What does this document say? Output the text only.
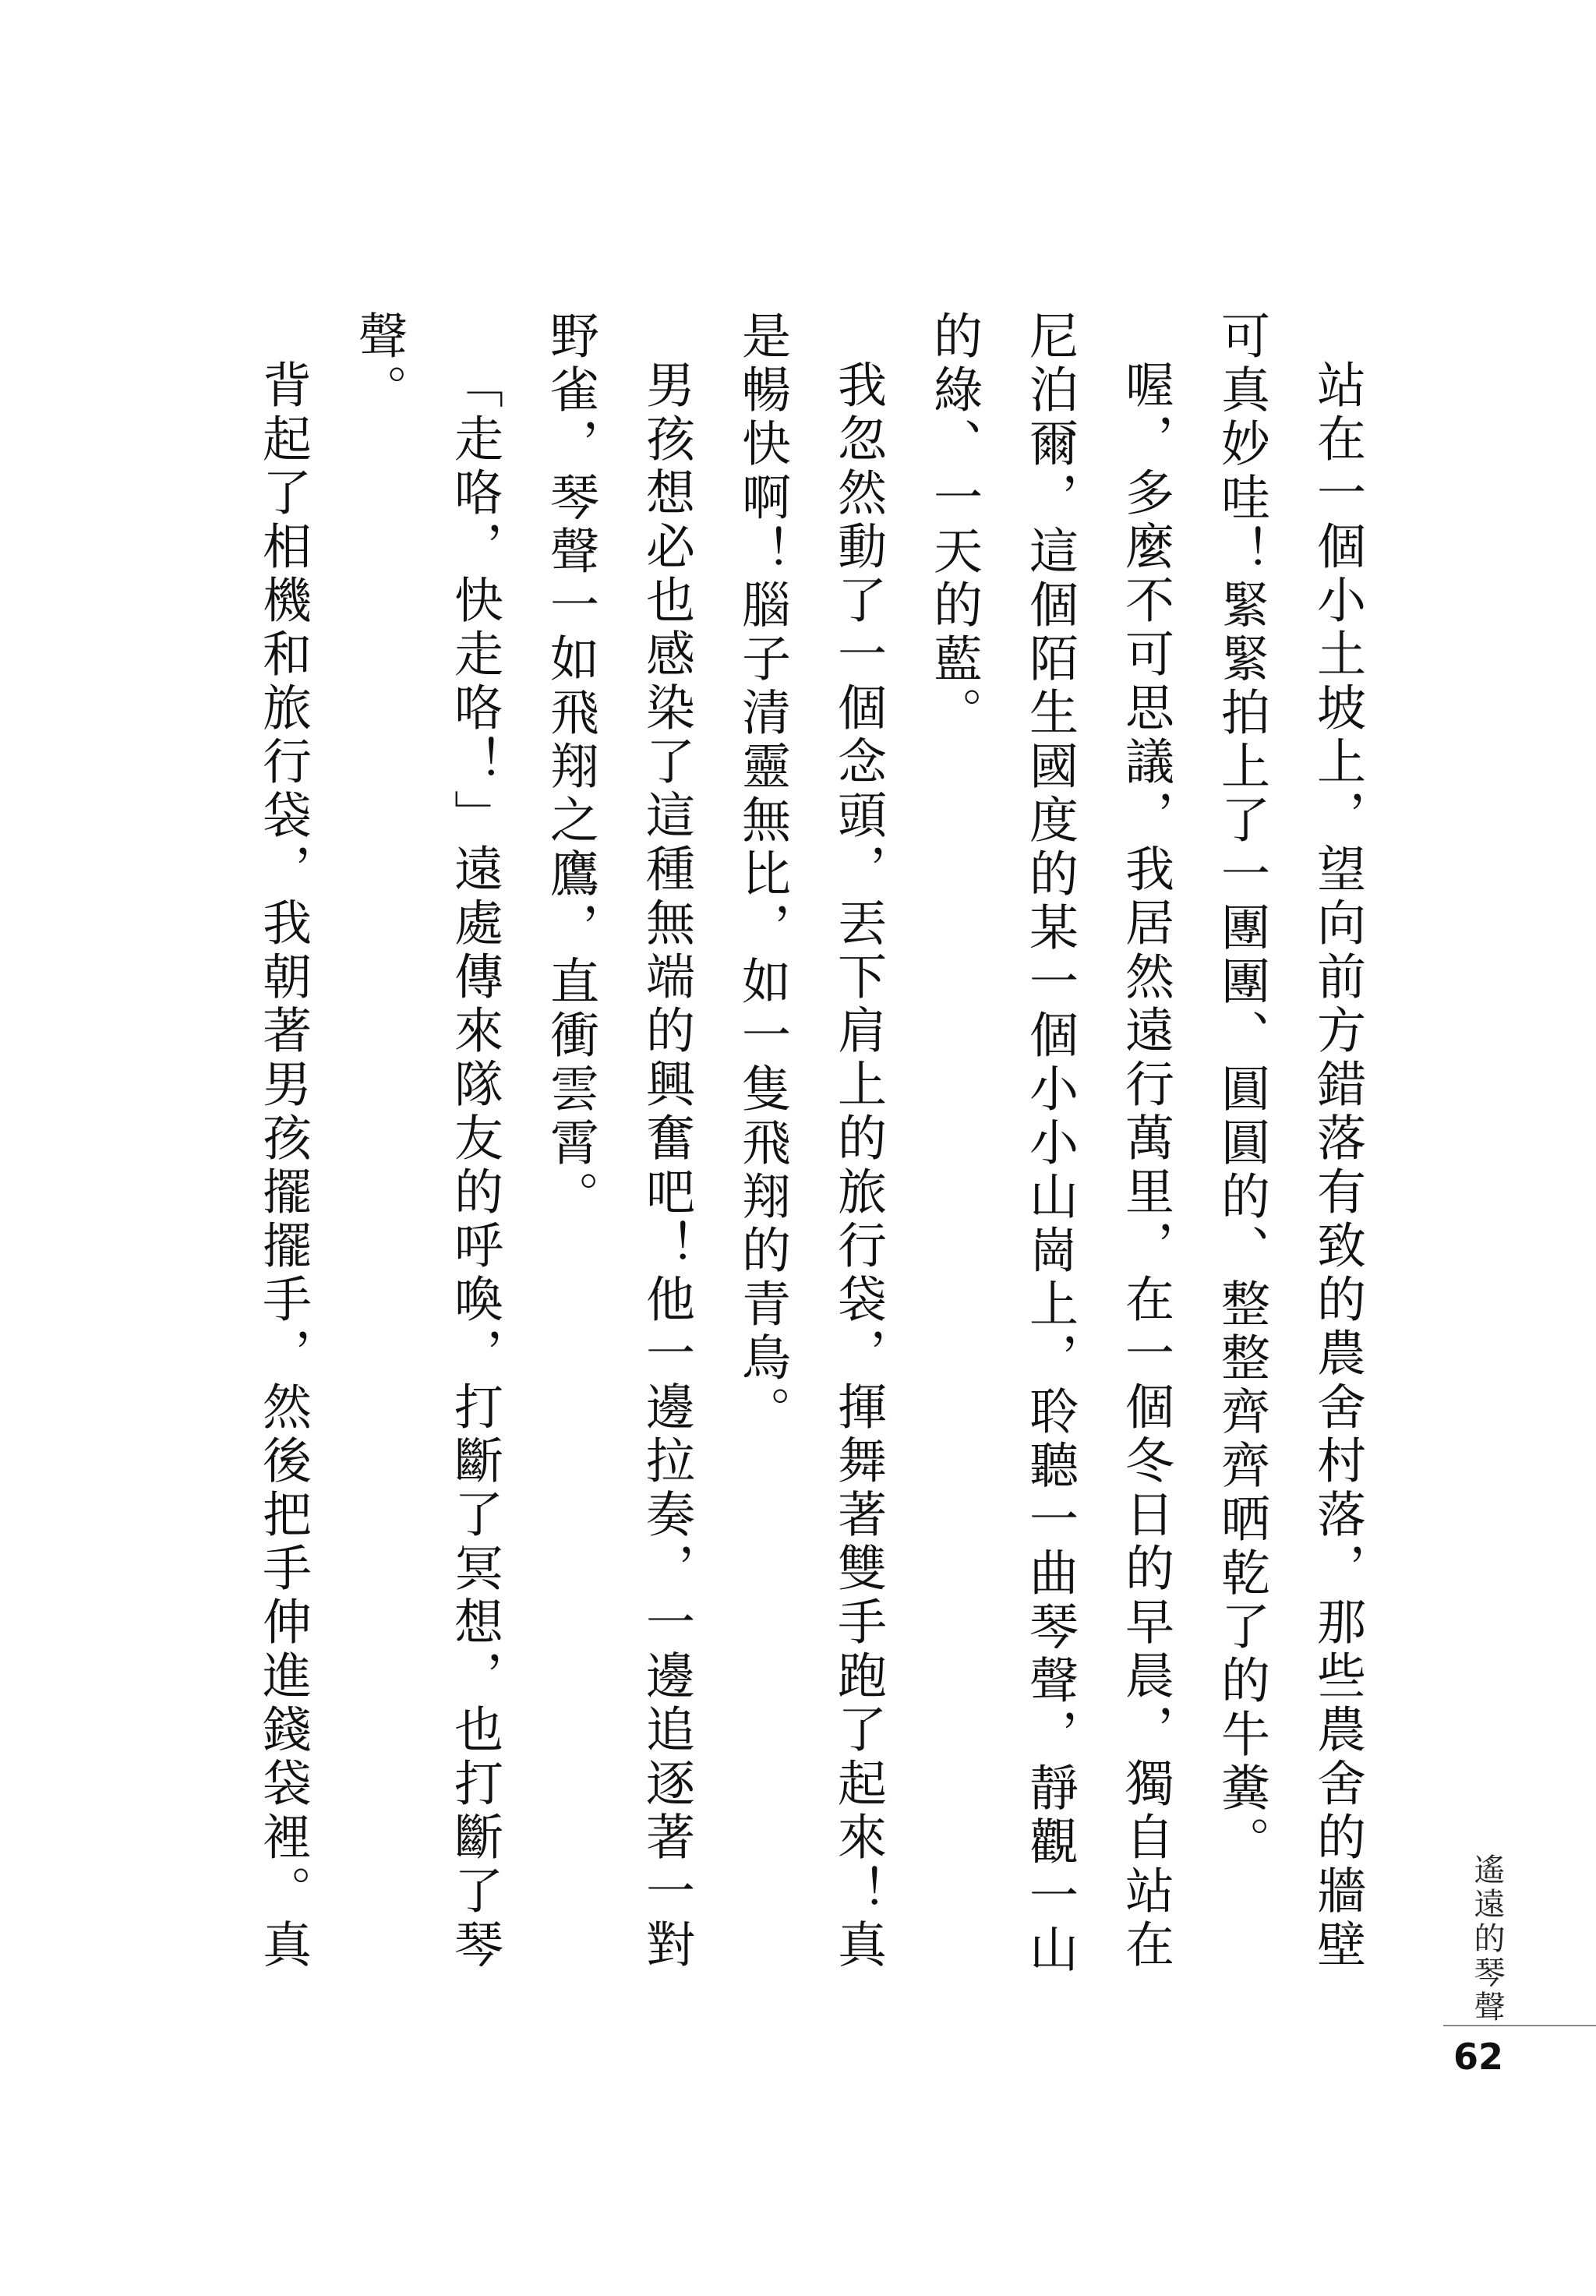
站在一個小土坡上，望向前方錯落有致的農舍村落，那些農舍的牆壁可真妙哇！緊緊拍上了一團團、圓圓的、整整齊齊晒乾了的牛糞。

喔，多麼不可思議，我居然遠行萬里，在一個冬日的早晨，獨自站在尼泊爾，這個陌生國度的某一個小小山崗上，聆聽一曲琴聲，靜觀一山的綠、一天的藍。

我忽然動了一個念頭，丟下肩上的旅行袋，揮舞著雙手跑了起來！真是暢快啊！腦子清靈無比，如一隻飛翔的青鳥。

男孩想必也感染了這種無端的興奮吧！他一邊拉奏，一邊追逐著一對野雀，琴聲一如飛翔之鷹，直衝雲霄。

「走咯，快走咯！」遠處傳來隊友的呼喚，打斷了冥想，也打斷了琴聲。

背起了相機和旅行袋，我朝著男孩擺擺手，然後把手伸進錢袋裡。真	遙遠的琴聲
62
